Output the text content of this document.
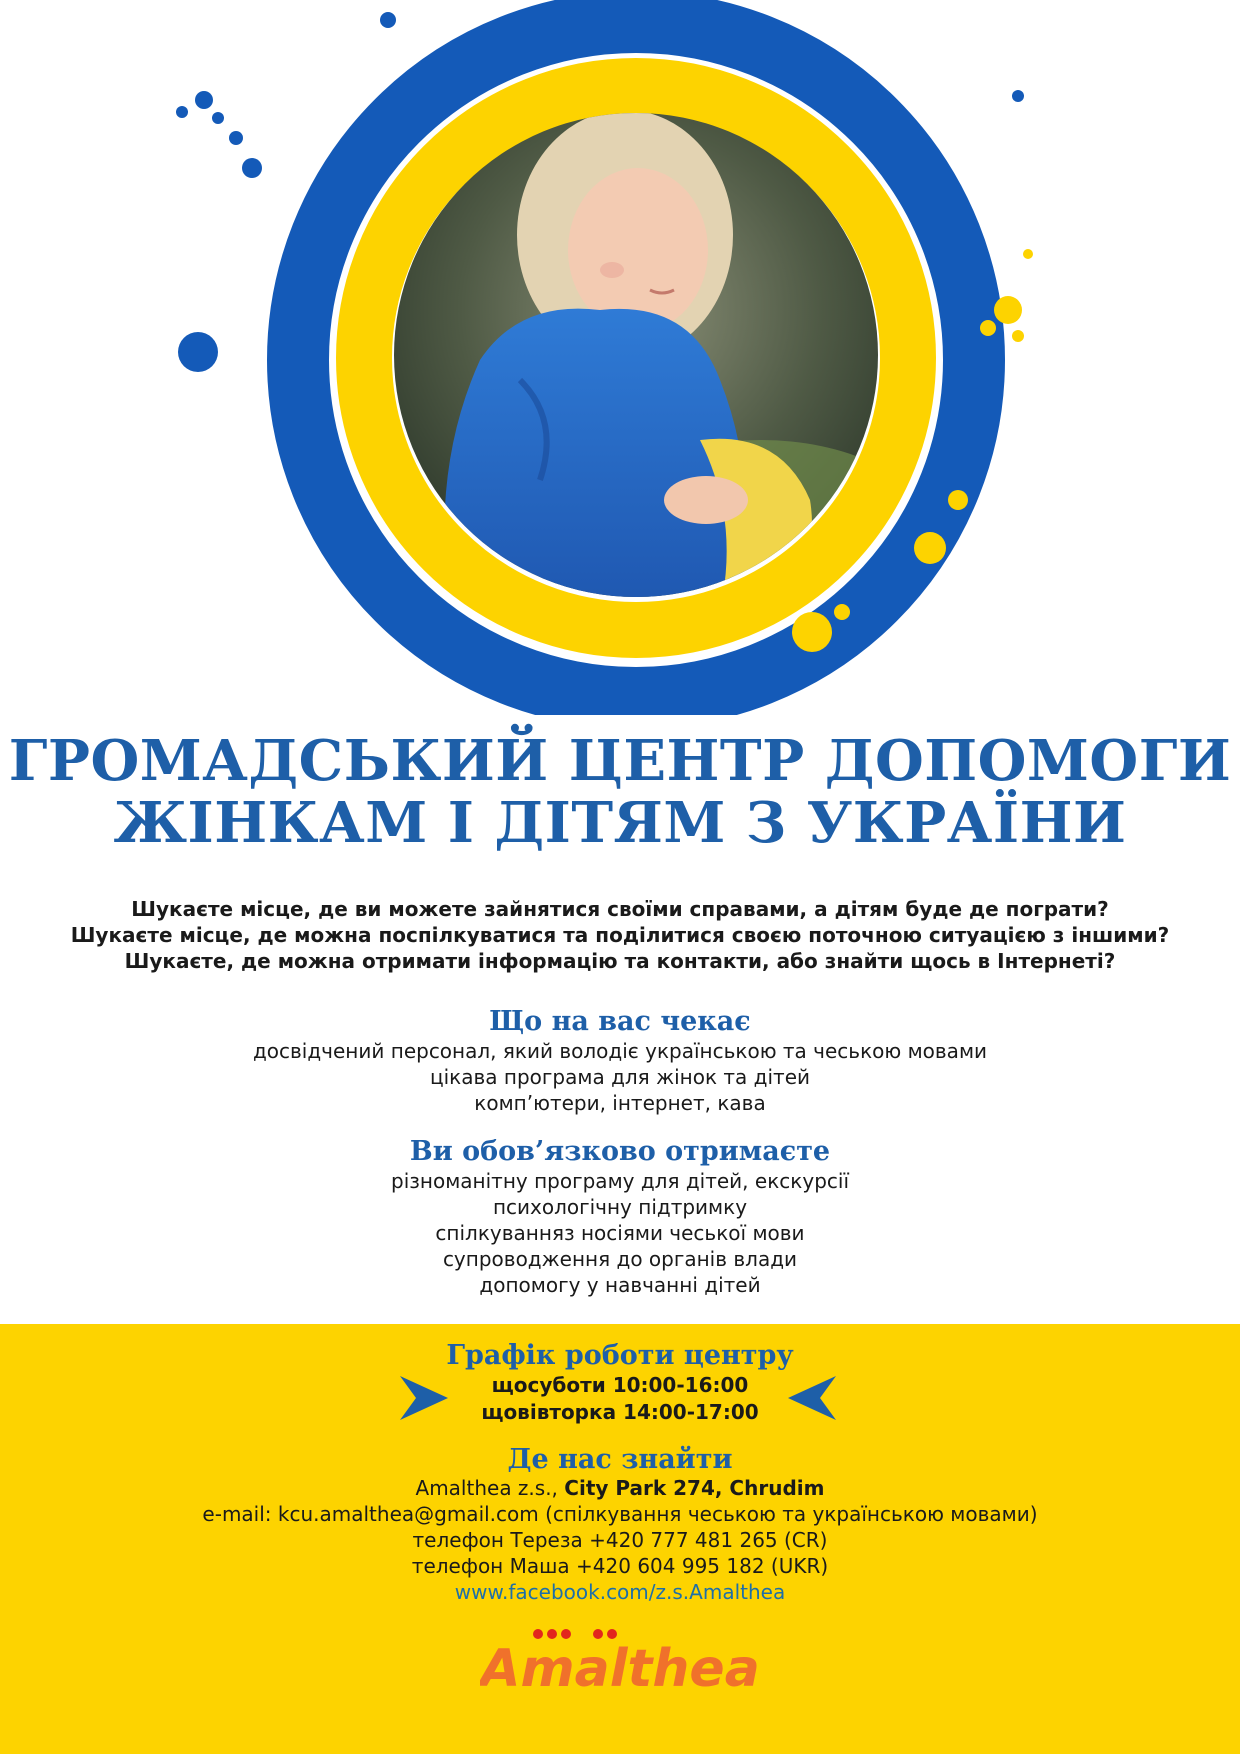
ГРОМАДСЬКИЙ ЦЕНТР ДОПОМОГИ
ЖІНКАМ І ДІТЯМ З УКРАЇНИ
Шукаєте місце, де ви можете зайнятися своїми справами, а дітям буде де пограти?
Шукаєте місце, де можна поспілкуватися та поділитися своєю поточною ситуацією з іншими?
Шукаєте, де можна отримати інформацію та контакти, або знайти щось в Інтернеті?
Що на вас чекає
досвідчений персонал, який володіє українською та чеською мовами
цікава програма для жінок та дітей
комп’ютери, інтернет, кава
Ви обов’язково отримаєте
різноманітну програму для дітей, екскурсії
психологічну підтримку
спілкуванняз носіями чеської мови
супроводження до органів влади
допомогу у навчанні дітей
Графік роботи центру
щосуботи 10:00-16:00
щовівторка 14:00-17:00
Де нас знайти
Amalthea z.s., City Park 274, Chrudim
e-mail: kcu.amalthea@gmail.com (спілкування чеською та українською мовами)
телефон Тереза +420 777 481 265 (CR)
телефон Маша +420 604 995 182 (UKR)
www.facebook.com/z.s.Amalthea
Amalthea
